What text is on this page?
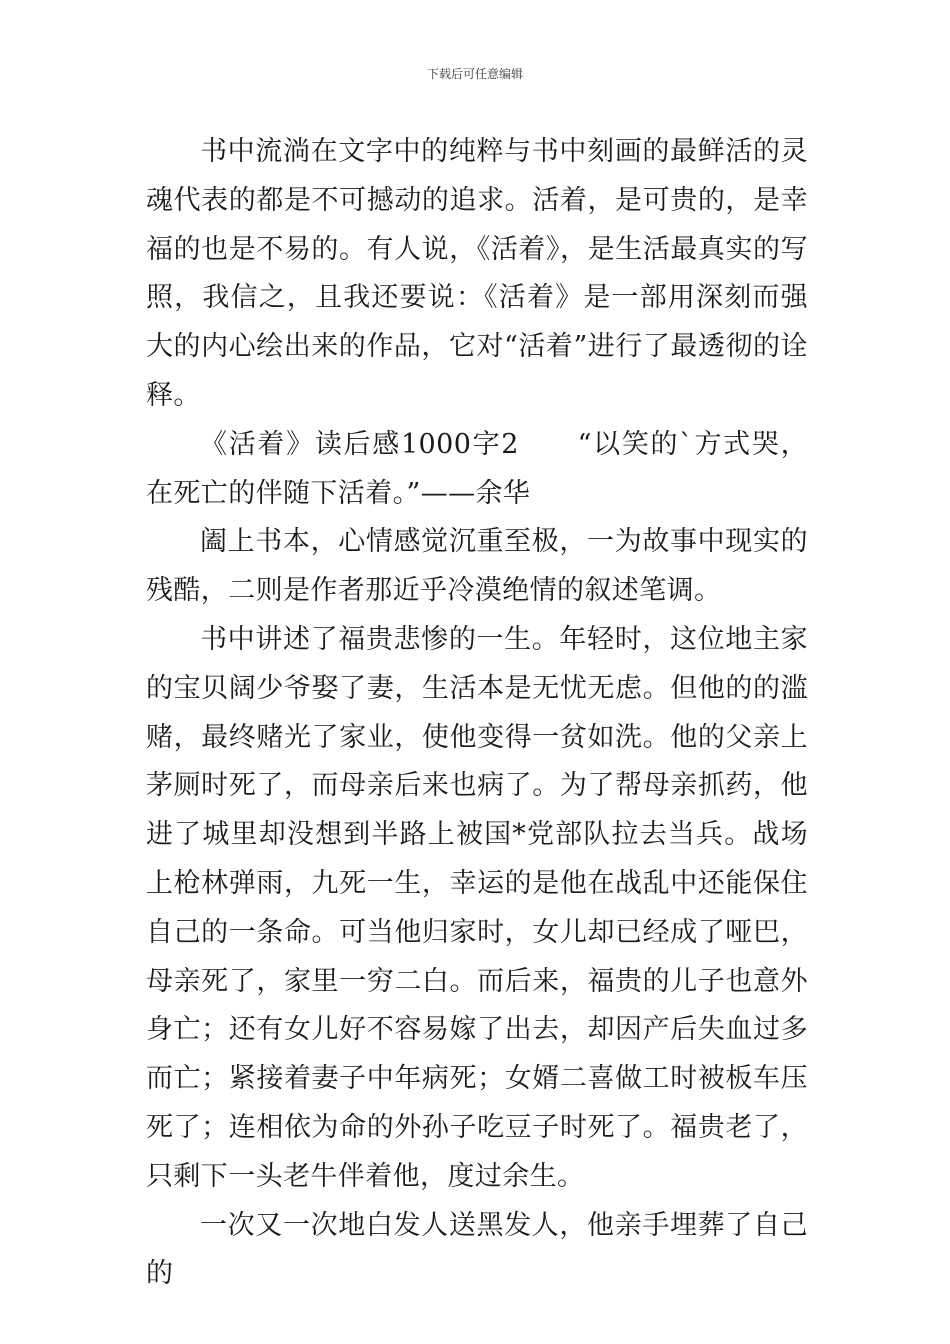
下载后可任意编辑

书中流淌在文字中的纯粹与书中刻画的最鲜活的灵魂代表的都是不可撼动的追求。活着，是可贵的，是幸福的也是不易的。有人说，《活着》，是生活最真实的写照，我信之，且我还要说：《活着》是一部用深刻而强大的内心绘出来的作品，它对“活着”进行了最透彻的诠释。

《活着》读后感1000字2　　“以笑的`方式哭，在死亡的伴随下活着。”——余华

阖上书本，心情感觉沉重至极，一为故事中现实的残酷，二则是作者那近乎冷漠绝情的叙述笔调。

书中讲述了福贵悲惨的一生。年轻时，这位地主家的宝贝阔少爷娶了妻，生活本是无忧无虑。但他的的滥赌，最终赌光了家业，使他变得一贫如洗。他的父亲上茅厕时死了，而母亲后来也病了。为了帮母亲抓药，他进了城里却没想到半路上被国*党部队拉去当兵。战场上枪林弹雨，九死一生，幸运的是他在战乱中还能保住自己的一条命。可当他归家时，女儿却已经成了哑巴，母亲死了，家里一穷二白。而后来，福贵的儿子也意外身亡；还有女儿好不容易嫁了出去，却因产后失血过多而亡；紧接着妻子中年病死；女婿二喜做工时被板车压死了；连相依为命的外孙子吃豆子时死了。福贵老了，只剩下一头老牛伴着他，度过余生。

一次又一次地白发人送黑发人，他亲手埋葬了自己的
